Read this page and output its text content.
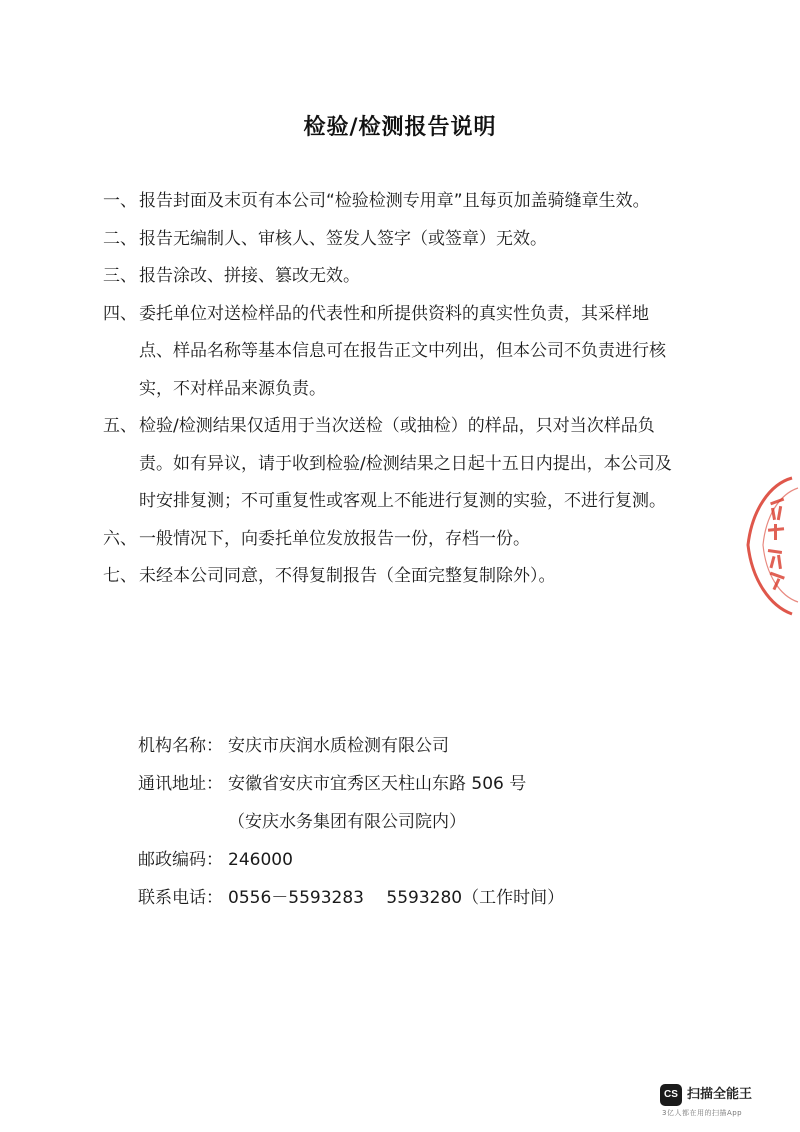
检验/检测报告说明
一、 报告封面及末页有本公司“检验检测专用章”且每页加盖骑缝章生效。
二、 报告无编制人、审核人、签发人签字（或签章）无效。
三、 报告涂改、拼接、篡改无效。
四、 委托单位对送检样品的代表性和所提供资料的真实性负责，其采样地
点、样品名称等基本信息可在报告正文中列出，但本公司不负责进行核
实，不对样品来源负责。
五、 检验/检测结果仅适用于当次送检（或抽检）的样品，只对当次样品负
责。如有异议，请于收到检验/检测结果之日起十五日内提出，本公司及
时安排复测；不可重复性或客观上不能进行复测的实验，不进行复测。
六、 一般情况下，向委托单位发放报告一份，存档一份。
七、 未经本公司同意，不得复制报告（全面完整复制除外）。
机构名称： 安庆市庆润水质检测有限公司
通讯地址： 安徽省安庆市宜秀区天柱山东路 506 号
（安庆水务集团有限公司院内）
邮政编码： 246000
联系电话： 0556－5593283　 5593280（工作时间）
CS 扫描全能王
3亿人都在用的扫描App
